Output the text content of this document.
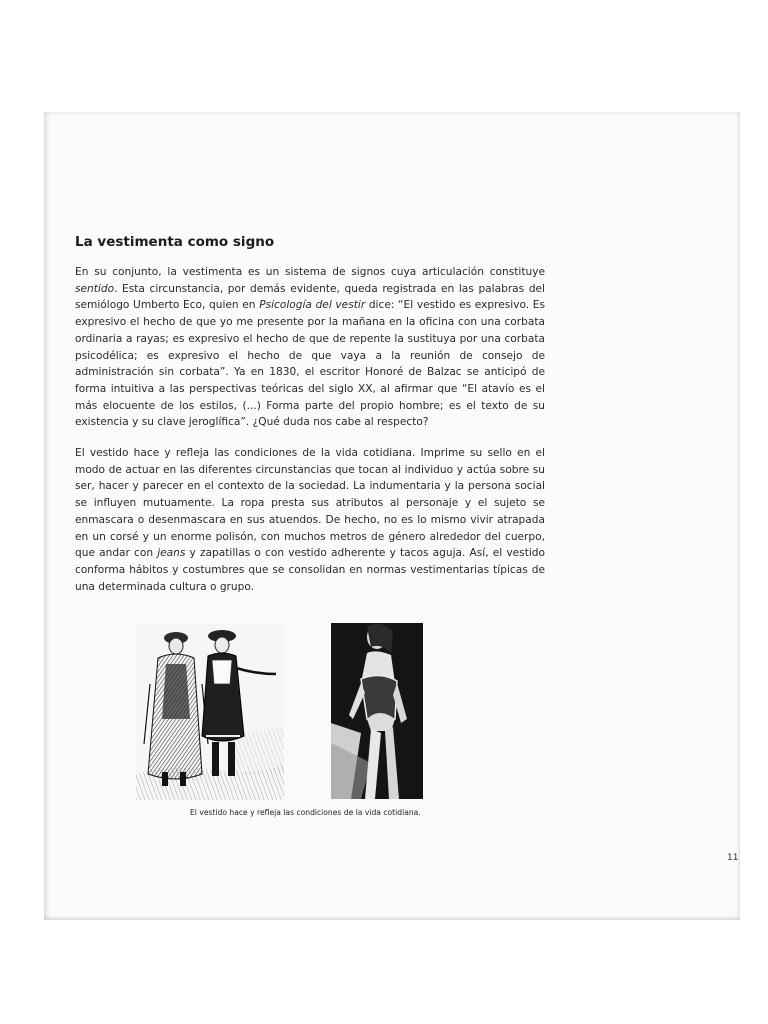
La vestimenta como signo

En su conjunto, la vestimenta es un sistema de signos cuya articulación constituye sentido. Esta circunstancia, por demás evidente, queda registrada en las palabras del semiólogo Umberto Eco, quien en Psicología del vestir dice: “El vestido es expresivo. Es expresivo el hecho de que yo me presente por la mañana en la oficina con una corbata ordinaria a rayas; es expresivo el hecho de que de repente la sustituya por una corbata psicodélica; es expresivo el hecho de que vaya a la reunión de consejo de administración sin corbata”. Ya en 1830, el escritor Honoré de Balzac se anticipó de forma intuitiva a las perspectivas teóricas del siglo XX, al afirmar que “El atavío es el más elocuente de los estilos, (...) Forma parte del propio hombre; es el texto de su existencia y su clave jeroglífica”. ¿Qué duda nos cabe al respecto?

El vestido hace y refleja las condiciones de la vida cotidiana. Imprime su sello en el modo de actuar en las diferentes circunstancias que tocan al individuo y actúa sobre su ser, hacer y parecer en el contexto de la sociedad. La indumentaria y la persona social se influyen mutuamente. La ropa presta sus atributos al personaje y el sujeto se enmascara o desenmascara en sus atuendos. De hecho, no es lo mismo vivir atrapada en un corsé y un enorme polisón, con muchos metros de género alrededor del cuerpo, que andar con jeans y zapatillas o con vestido adherente y tacos aguja. Así, el vestido conforma hábitos y costumbres que se consolidan en normas vestimentarias típicas de una determinada cultura o grupo.

El vestido hace y refleja las condiciones de la vida cotidiana.
11
